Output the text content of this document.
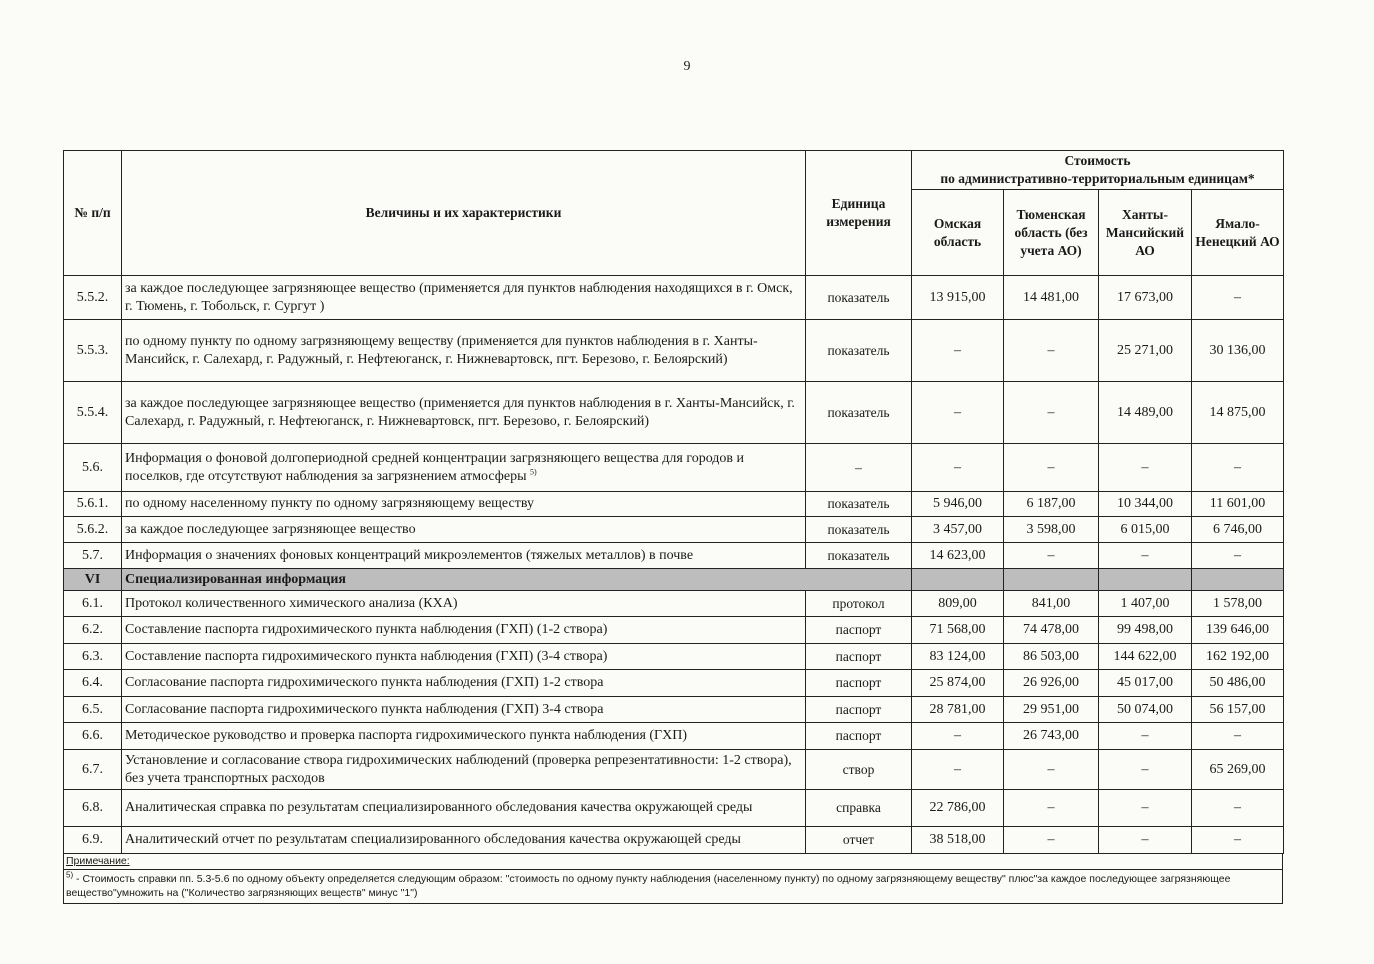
9
№ п/п	Величины и их характеристики	Единица измерения	Стоимость
по административно-территориальным единицам*			

			Омская область	Тюменская область (без учета АО)	Ханты-Мансийский АО	Ямало-Ненецкий АО
5.5.2.	за каждое последующее загрязняющее вещество (применяется для пунктов наблюдения находящихся в г. Омск, г. Тюмень, г. Тобольск, г. Сургут )	показатель	13 915,00	14 481,00	17 673,00	–
5.5.3.	по одному пункту по одному загрязняющему веществу (применяется для пунктов наблюдения в г. Ханты-Мансийск, г. Салехард, г. Радужный, г. Нефтеюганск, г. Нижневартовск, пгт. Березово, г. Белоярский)	показатель	–	–	25 271,00	30 136,00
5.5.4.	за каждое последующее загрязняющее вещество (применяется для пунктов наблюдения в г. Ханты-Мансийск, г. Салехард, г. Радужный, г. Нефтеюганск, г. Нижневартовск, пгт. Березово, г. Белоярский)	показатель	–	–	14 489,00	14 875,00
5.6.	Информация о фоновой долгопериодной средней концентрации загрязняющего вещества для городов и поселков, где отсутствуют наблюдения за загрязнением атмосферы $^{5)}$	–	–	–	–	–
5.6.1.	по одному населенному пункту по одному загрязняющему веществу	показатель	5 946,00	6 187,00	10 344,00	11 601,00
5.6.2.	за каждое последующее загрязняющее вещество	показатель	3 457,00	3 598,00	6 015,00	6 746,00
5.7.	Информация о значениях фоновых концентраций микроэлементов (тяжелых металлов) в почве	показатель	14 623,00	–	–	–
VI	Специализированная информация					
6.1.	Протокол количественного химического анализа (КХА)	протокол	809,00	841,00	1 407,00	1 578,00
6.2.	Составление паспорта гидрохимического пункта наблюдения (ГХП) (1-2 створа)	паспорт	71 568,00	74 478,00	99 498,00	139 646,00
6.3.	Составление паспорта гидрохимического пункта наблюдения (ГХП) (3-4 створа)	паспорт	83 124,00	86 503,00	144 622,00	162 192,00
6.4.	Согласование паспорта гидрохимического пункта наблюдения (ГХП) 1-2 створа	паспорт	25 874,00	26 926,00	45 017,00	50 486,00
6.5.	Согласование паспорта гидрохимического пункта наблюдения (ГХП) 3-4 створа	паспорт	28 781,00	29 951,00	50 074,00	56 157,00
6.6.	Методическое руководство и проверка паспорта гидрохимического пункта наблюдения (ГХП)	паспорт	–	26 743,00	–	–
6.7.	Установление и согласование створа гидрохимических наблюдений (проверка репрезентативности: 1-2 створа), без учета транспортных расходов	створ	–	–	–	65 269,00
6.8.	Аналитическая справка по результатам специализированного обследования качества окружающей среды	справка	22 786,00	–	–	–
6.9.	Аналитический отчет по результатам специализированного обследования качества окружающей среды	отчет	38 518,00	–	–	–
Примечание:
$^{5)}$ - Стоимость справки пп. 5.3-5.6 по одному объекту определяется следующим образом: "стоимость по одному пункту наблюдения (населенному пункту) по одному загрязняющему веществу" плюс"за каждое последующее загрязняющее вещество"умножить на ("Количество загрязняющих веществ" минус "1")
